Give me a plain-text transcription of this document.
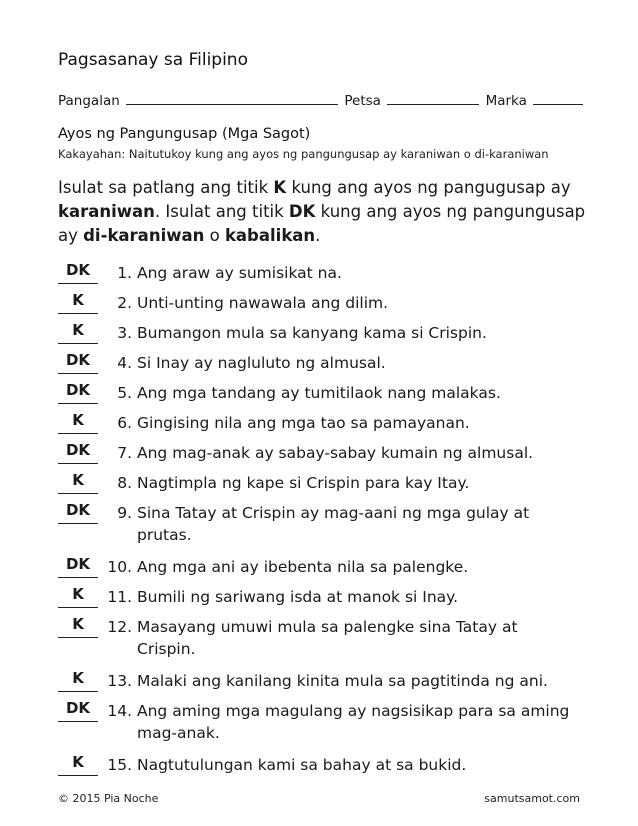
Pagsasanay sa Filipino
Pangalan	Petsa	Marka
Ayos ng Pangungusap (Mga Sagot)
Kakayahan: Naitutukoy kung ang ayos ng pangungusap ay karaniwan o di-karaniwan
Isulat sa patlang ang titik K kung ang ayos ng pangugusap ay karaniwan. Isulat ang titik DK kung ang ayos ng pangungusap ay di-karaniwan o kabalikan.
DK	1. Ang araw ay sumisikat na.
K	2. Unti-unting nawawala ang dilim.
K	3. Bumangon mula sa kanyang kama si Crispin.
DK	4. Si Inay ay nagluluto ng almusal.
DK	5. Ang mga tandang ay tumitilaok nang malakas.
K	6. Gingising nila ang mga tao sa pamayanan.
DK	7. Ang mag-anak ay sabay-sabay kumain ng almusal.
K	8. Nagtimpla ng kape si Crispin para kay Itay.
DK	9. Sina Tatay at Crispin ay mag-aani ng mga gulay at prutas.
DK	10. Ang mga ani ay ibebenta nila sa palengke.
K	11. Bumili ng sariwang isda at manok si Inay.
K	12. Masayang umuwi mula sa palengke sina Tatay at Crispin.
K	13. Malaki ang kanilang kinita mula sa pagtitinda ng ani.
DK	14. Ang aming mga magulang ay nagsisikap para sa aming mag-anak.
K	15. Nagtutulungan kami sa bahay at sa bukid.
© 2015 Pia Noche	samutsamot.com
